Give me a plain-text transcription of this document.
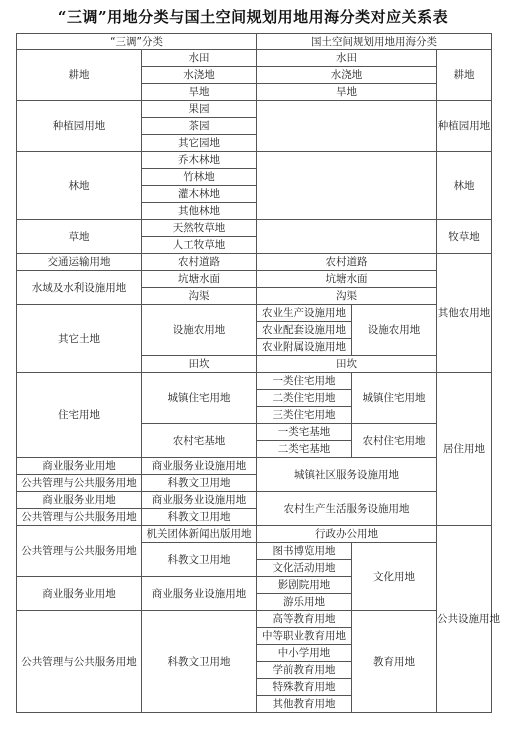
“三调”用地分类与国土空间规划用地用海分类对应关系表
“三调”分类		国土空间规划用地用海分类		
耕地	水田	水田		耕地
	水浇地	水浇地		
	旱地	旱地		
种植园用地	果园			种植园用地
	茶园			
	其它园地			
林地	乔木林地			林地
	竹林地			
	灌木林地			
	其他林地			
草地	天然牧草地			牧草地
	人工牧草地			
交通运输用地	农村道路	农村道路		其他农用地
水域及水利设施用地	坑塘水面	坑塘水面		
	沟渠	沟渠		
其它土地	设施农用地	农业生产设施用地	设施农用地	
		农业配套设施用地		
		农业附属设施用地		
	田坎	田坎		
住宅用地	城镇住宅用地	一类住宅用地	城镇住宅用地	居住用地
		二类住宅用地		
		三类住宅用地		
	农村宅基地	一类宅基地	农村住宅用地	
		二类宅基地		
商业服务业用地	商业服务业设施用地	城镇社区服务设施用地		
公共管理与公共服务用地	科教文卫用地			
商业服务业用地	商业服务业设施用地	农村生产生活服务设施用地		
公共管理与公共服务用地	科教文卫用地			
公共管理与公共服务用地	机关团体新闻出版用地	行政办公用地		公共设施用地
	科教文卫用地	图书博览用地	文化用地	
		文化活动用地		
商业服务业用地	商业服务业设施用地	影剧院用地		
		游乐用地		
公共管理与公共服务用地	科教文卫用地	高等教育用地	教育用地	
		中等职业教育用地		
		中小学用地		
		学前教育用地		
		特殊教育用地		
		其他教育用地		
